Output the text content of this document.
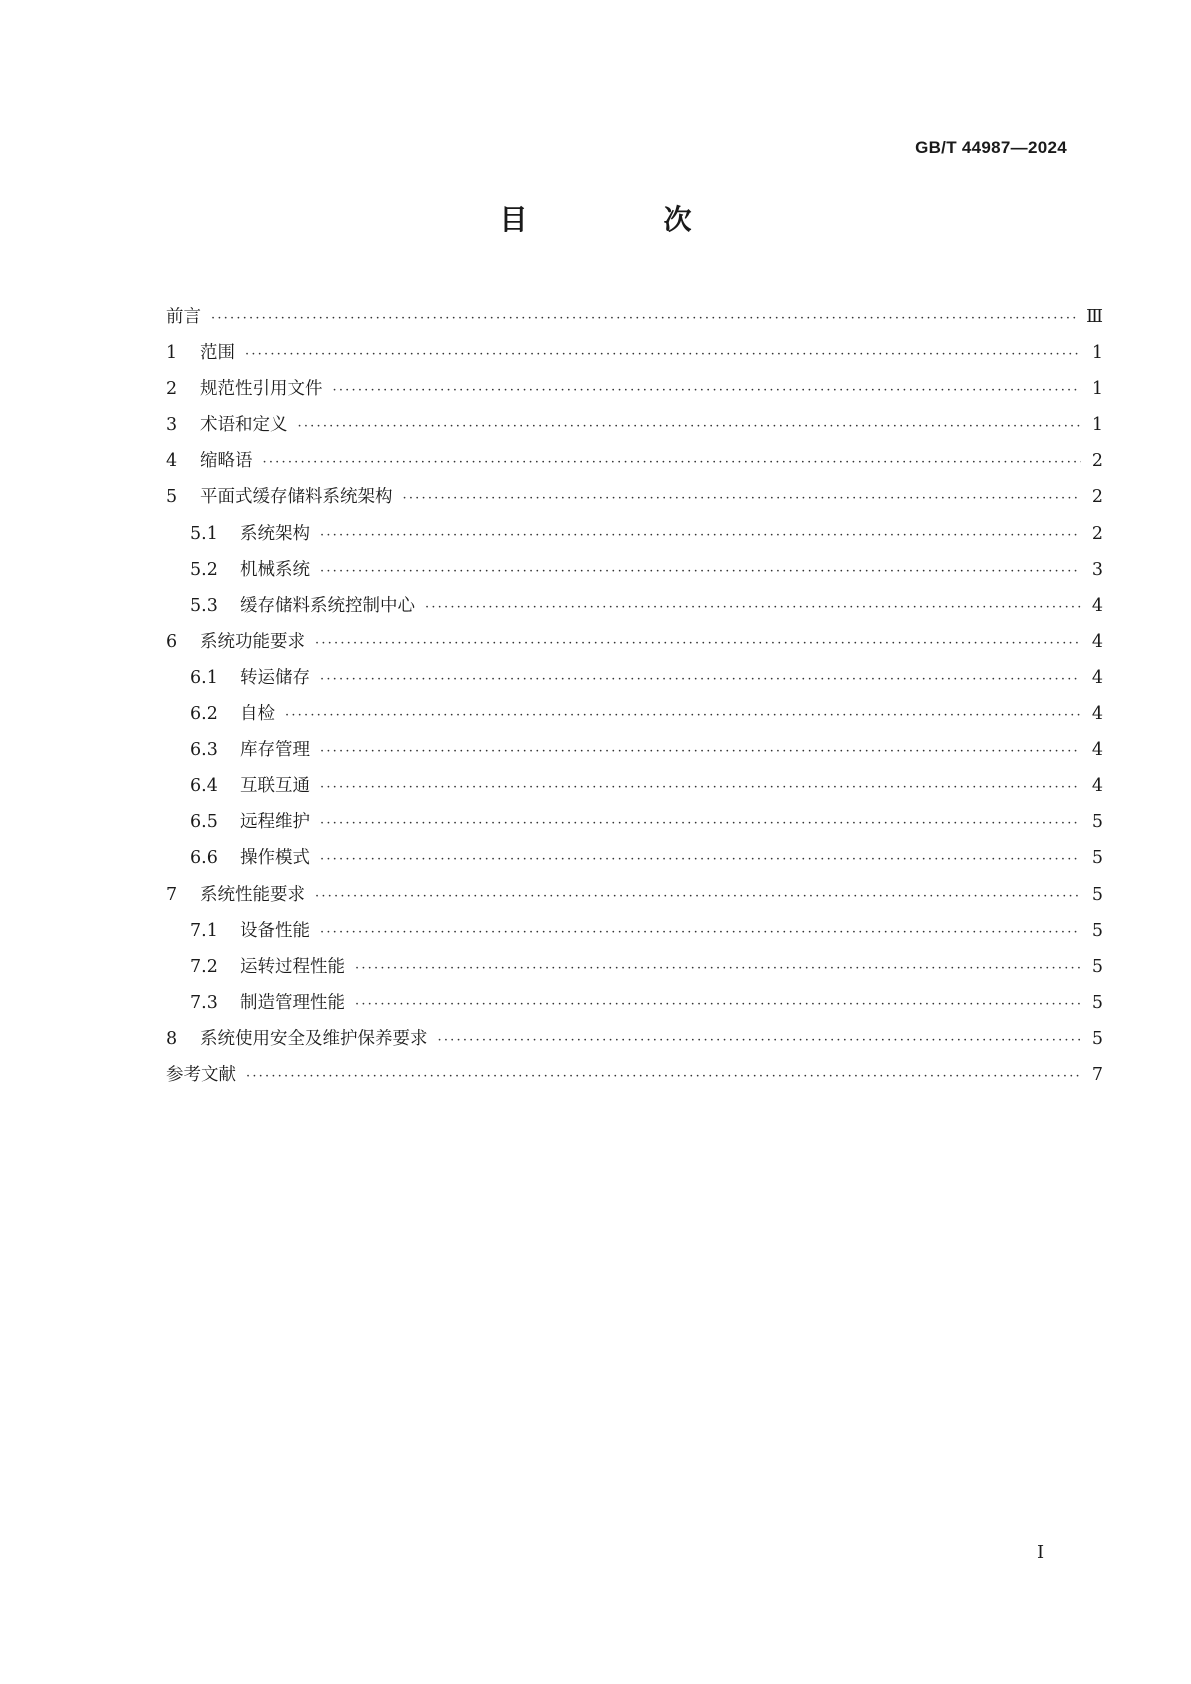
GB/T 44987—2024
目　次
前言 ·····	Ⅲ
1	范围 ·····	1
2	规范性引用文件 ·····	1
3	术语和定义 ·····	1
4	缩略语 ·····	2
5	平面式缓存储料系统架构 ·····	2
5.1	系统架构 ·····	2
5.2	机械系统 ·····	3
5.3	缓存储料系统控制中心 ·····	4
6	系统功能要求 ·····	4
6.1	转运储存 ·····	4
6.2	自检 ·····	4
6.3	库存管理 ·····	4
6.4	互联互通 ·····	4
6.5	远程维护 ·····	5
6.6	操作模式 ·····	5
7	系统性能要求 ·····	5
7.1	设备性能 ·····	5
7.2	运转过程性能 ·····	5
7.3	制造管理性能 ·····	5
8	系统使用安全及维护保养要求 ·····	5
参考文献 ·····	7
Ⅰ
